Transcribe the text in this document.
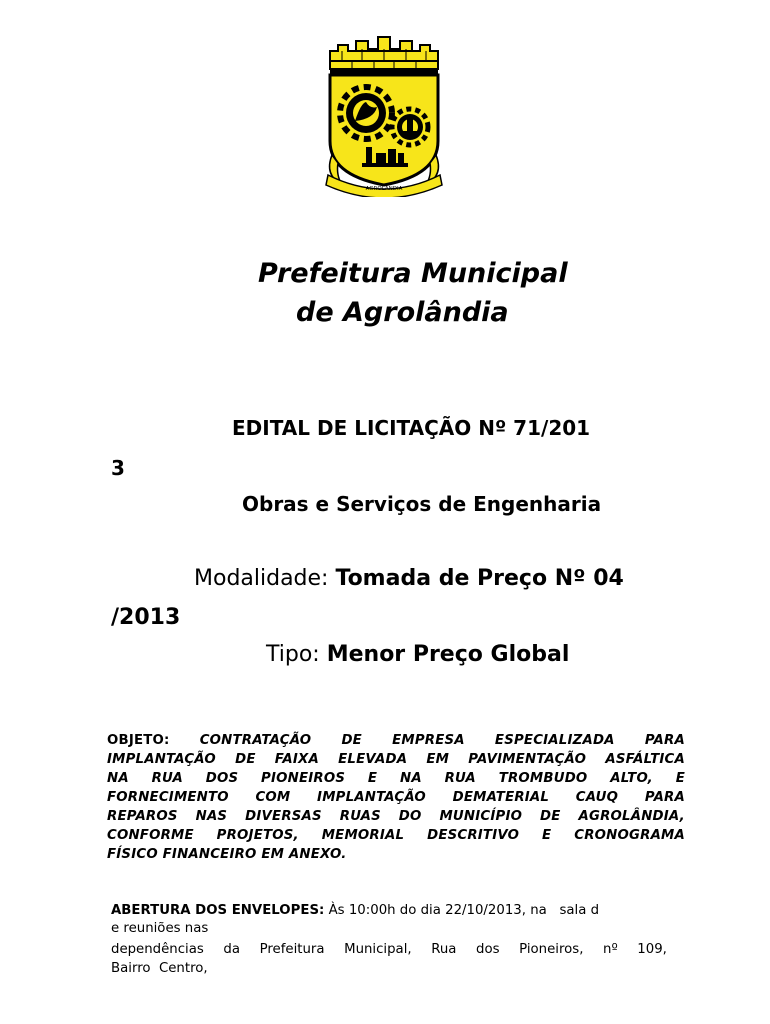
AGROLÂNDIA
Prefeitura Municipal
de Agrolândia
EDITAL DE LICITAÇÃO Nº 71/201
3
Obras e Serviços de Engenharia
Modalidade: Tomada de Preço Nº 04
/2013
Tipo: Menor Preço Global
OBJETO: CONTRATAÇÃO DE EMPRESA ESPECIALIZADA PARA
IMPLANTAÇÃO DE FAIXA ELEVADA EM PAVIMENTAÇÃO ASFÁLTICA
NA RUA DOS PIONEIROS E NA RUA TROMBUDO ALTO, E
FORNECIMENTO COM IMPLANTAÇÃO DEMATERIAL CAUQ PARA
REPAROS NAS DIVERSAS RUAS DO MUNICÍPIO DE AGROLÂNDIA,
CONFORME PROJETOS, MEMORIAL DESCRITIVO E CRONOGRAMA
FÍSICO FINANCEIRO EM ANEXO.
ABERTURA DOS ENVELOPES: Às 10:00h do dia 22/10/2013, na   sala d
e reuniões nas
dependências da Prefeitura Municipal, Rua dos Pioneiros, nº 109,
Bairro  Centro,
